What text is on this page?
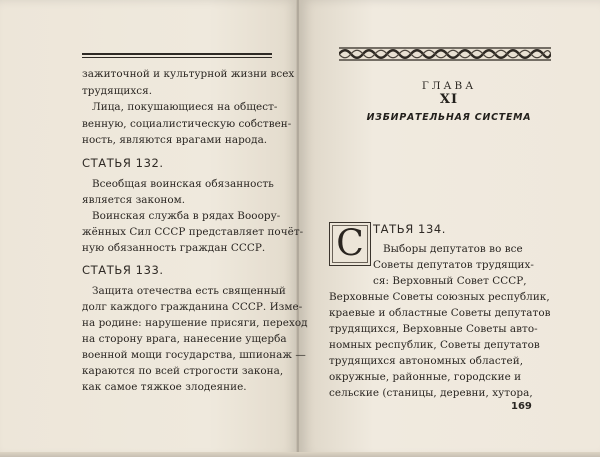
зажиточной и культурной жизни всех
трудящихся.
Лица, покушающиеся на общест-
венную, социалистическую собствен-
ность, являются врагами народа.
СТАТЬЯ 132.
Всеобщая воинская обязанность
является законом.
Воинская служба в рядах Вооору-
жённых Сил СССР представляет почёт-
ную обязанность граждан СССР.
СТАТЬЯ 133.
Защита отечества есть священный
долг каждого гражданина СССР. Изме-
на родине: нарушение присяги, переход
на сторону врага, нанесение ущерба
военной мощи государства, шпионаж —
караются по всей строгости закона,
как самое тяжкое злодеяние.
ГЛАВА
XI
ИЗБИРАТЕЛЬНАЯ СИСТЕМА
С ТАТЬЯ 134.
Выборы депутатов во все
Советы депутатов трудящих-
ся: Верховный Совет СССР,
Верховные Советы союзных республик,
краевые и областные Советы депутатов
трудящихся, Верховные Советы авто-
номных республик, Советы депутатов
трудящихся автономных областей,
окружные, районные, городские и
сельские (станицы, деревни, хутора,
169
